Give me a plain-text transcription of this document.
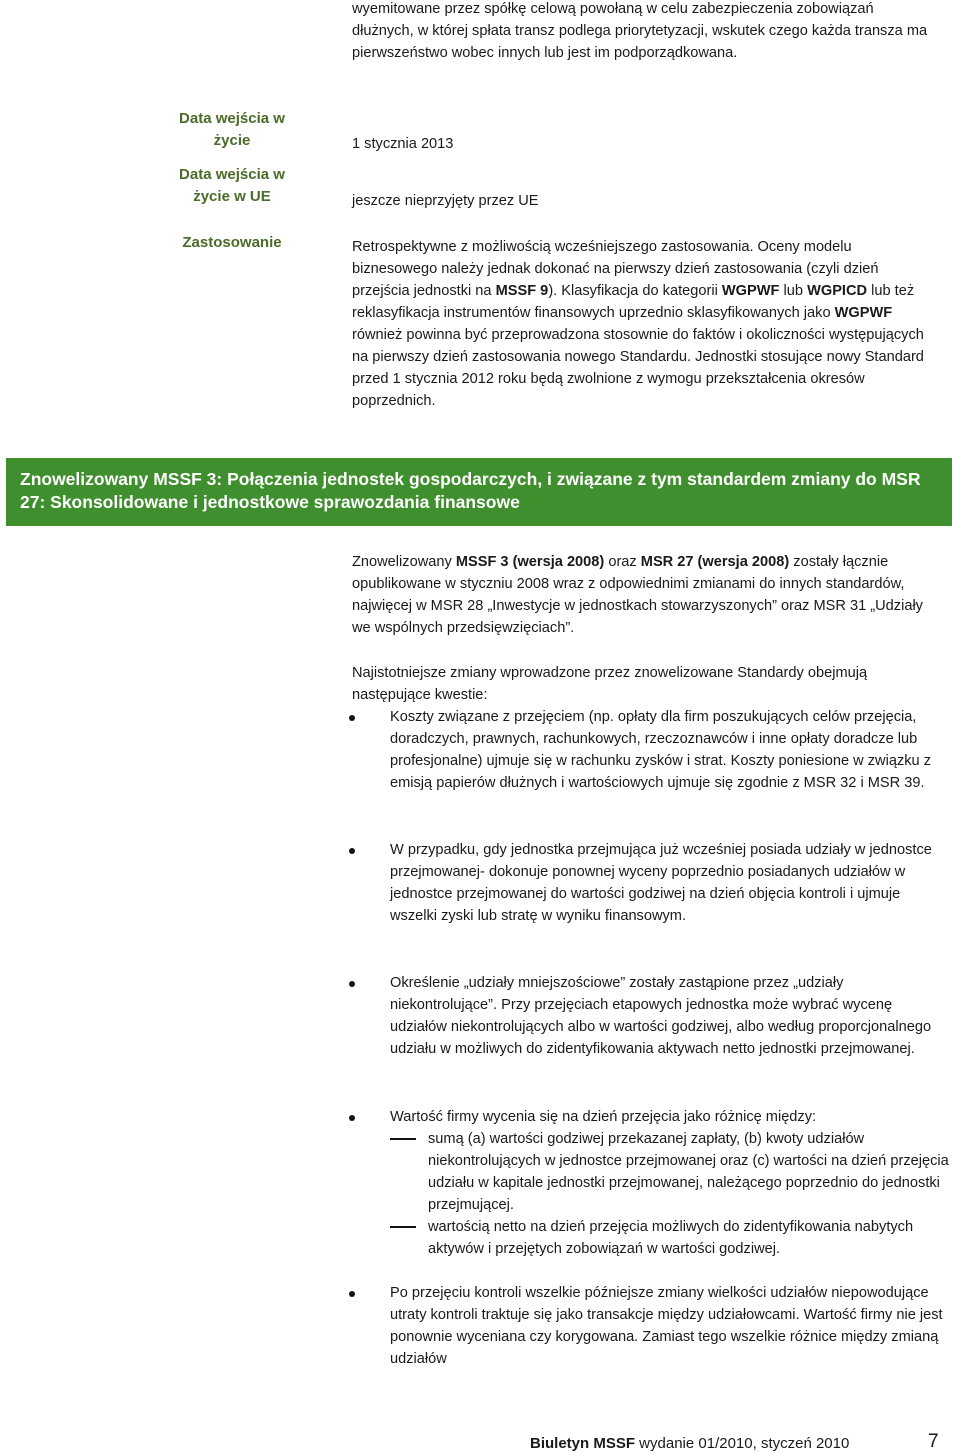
wyemitowane przez spółkę celową powołaną w celu zabezpieczenia zobowiązań dłużnych, w której spłata transz podlega priorytetyzacji, wskutek czego każda transza ma pierwszeństwo wobec innych lub jest im podporządkowana.

Data wejścia w życie	1 stycznia 2013
Data wejścia w życie w UE	jeszcze nieprzyjęty przez UE
Zastosowanie	Retrospektywne z możliwością wcześniejszego zastosowania. Oceny modelu biznesowego należy jednak dokonać na pierwszy dzień zastosowania (czyli dzień przejścia jednostki na MSSF 9). Klasyfikacja do kategorii WGPWF lub WGPICD lub też reklasyfikacja instrumentów finansowych uprzednio sklasyfikowanych jako WGPWF również powinna być przeprowadzona stosownie do faktów i okoliczności występujących na pierwszy dzień zastosowania nowego Standardu. Jednostki stosujące nowy Standard przed 1 stycznia 2012 roku będą zwolnione z wymogu przekształcenia okresów poprzednich.

Znowelizowany MSSF 3: Połączenia jednostek gospodarczych, i związane z tym standardem zmiany do MSR 27: Skonsolidowane i jednostkowe sprawozdania finansowe

Znowelizowany MSSF 3 (wersja 2008) oraz MSR 27 (wersja 2008) zostały łącznie opublikowane w styczniu 2008 wraz z odpowiednimi zmianami do innych standardów, najwięcej w MSR 28 „Inwestycje w jednostkach stowarzyszonych” oraz MSR 31 „Udziały we wspólnych przedsięwzięciach”.

Najistotniejsze zmiany wprowadzone przez znowelizowane Standardy obejmują następujące kwestie:

Koszty związane z przejęciem (np. opłaty dla firm poszukujących celów przejęcia, doradczych, prawnych, rachunkowych, rzeczoznawców i inne opłaty doradcze lub profesjonalne) ujmuje się w rachunku zysków i strat. Koszty poniesione w związku z emisją papierów dłużnych i wartościowych ujmuje się zgodnie z MSR 32 i MSR 39.

W przypadku, gdy jednostka przejmująca już wcześniej posiada udziały w jednostce przejmowanej- dokonuje ponownej wyceny poprzednio posiadanych udziałów w jednostce przejmowanej do wartości godziwej na dzień objęcia kontroli i ujmuje wszelki zyski lub stratę w wyniku finansowym.

Określenie „udziały mniejszościowe” zostały zastąpione przez „udziały niekontrolujące”. Przy przejęciach etapowych jednostka może wybrać wycenę udziałów niekontrolujących albo w wartości godziwej, albo według proporcjonalnego udziału w możliwych do zidentyfikowania aktywach netto jednostki przejmowanej.

Wartość firmy wycenia się na dzień przejęcia jako różnicę między:

sumą (a) wartości godziwej przekazanej zapłaty, (b) kwoty udziałów niekontrolujących w jednostce przejmowanej oraz (c) wartości na dzień przejęcia udziału w kapitale jednostki przejmowanej, należącego poprzednio do jednostki przejmującej.

wartością netto na dzień przejęcia możliwych do zidentyfikowania nabytych aktywów i przejętych zobowiązań w wartości godziwej.

Po przejęciu kontroli wszelkie późniejsze zmiany wielkości udziałów niepowodujące utraty kontroli traktuje się jako transakcje między udziałowcami. Wartość firmy nie jest ponownie wyceniana czy korygowana. Zamiast tego wszelkie różnice między zmianą udziałów

Biuletyn MSSF wydanie 01/2010, styczeń 2010	7
